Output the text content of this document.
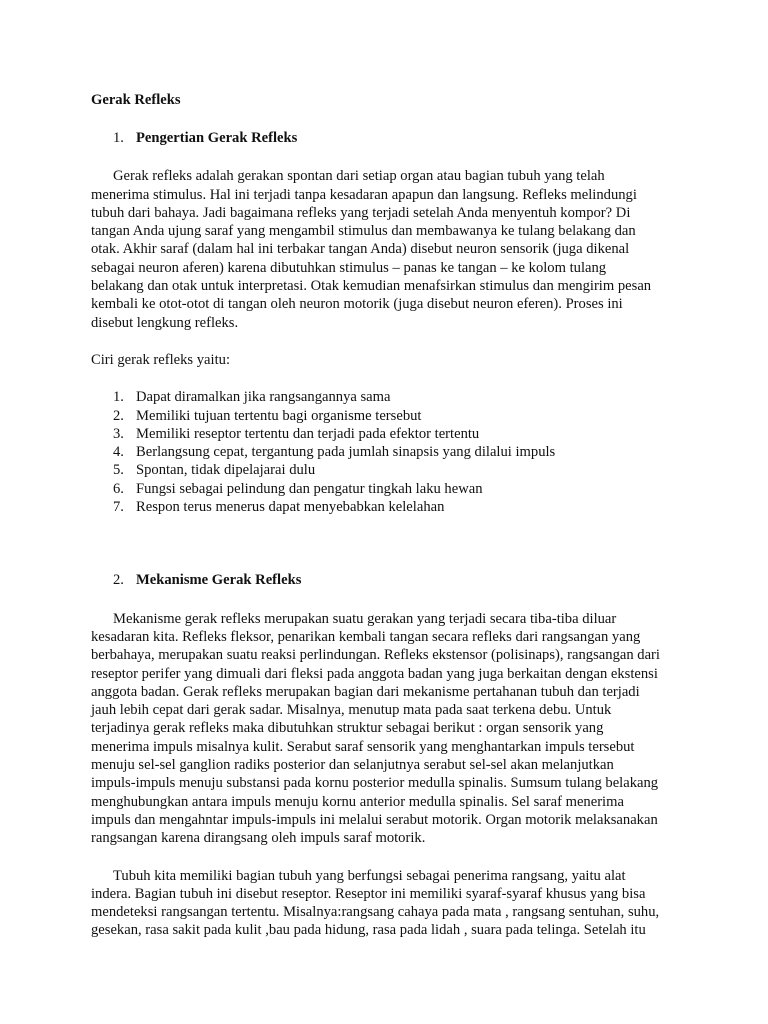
Gerak Refleks

1. Pengertian Gerak Refleks

Gerak refleks adalah gerakan spontan dari setiap organ atau bagian tubuh yang telah
menerima stimulus. Hal ini terjadi tanpa kesadaran apapun dan langsung. Refleks melindungi
tubuh dari bahaya. Jadi bagaimana refleks yang terjadi setelah Anda menyentuh kompor? Di
tangan Anda ujung saraf yang mengambil stimulus dan membawanya ke tulang belakang dan
otak. Akhir saraf (dalam hal ini terbakar tangan Anda) disebut neuron sensorik (juga dikenal
sebagai neuron aferen) karena dibutuhkan stimulus – panas ke tangan – ke kolom tulang
belakang dan otak untuk interpretasi. Otak kemudian menafsirkan stimulus dan mengirim pesan
kembali ke otot-otot di tangan oleh neuron motorik (juga disebut neuron eferen). Proses ini
disebut lengkung refleks.

Ciri gerak refleks yaitu:

1. Dapat diramalkan jika rangsangannya sama
2. Memiliki tujuan tertentu bagi organisme tersebut
3. Memiliki reseptor tertentu dan terjadi pada efektor tertentu
4. Berlangsung cepat, tergantung pada jumlah sinapsis yang dilalui impuls
5. Spontan, tidak dipelajarai dulu
6. Fungsi sebagai pelindung dan pengatur tingkah laku hewan
7. Respon terus menerus dapat menyebabkan kelelahan

2. Mekanisme Gerak Refleks

Mekanisme gerak refleks merupakan suatu gerakan yang terjadi secara tiba-tiba diluar
kesadaran kita. Refleks fleksor, penarikan kembali tangan secara refleks dari rangsangan yang
berbahaya, merupakan suatu reaksi perlindungan. Refleks ekstensor (polisinaps), rangsangan dari
reseptor perifer yang dimuali dari fleksi pada anggota badan yang juga berkaitan dengan ekstensi
anggota badan. Gerak refleks merupakan bagian dari mekanisme pertahanan tubuh dan terjadi
jauh lebih cepat dari gerak sadar. Misalnya, menutup mata pada saat terkena debu. Untuk
terjadinya gerak refleks maka dibutuhkan struktur sebagai berikut : organ sensorik yang
menerima impuls misalnya kulit. Serabut saraf sensorik yang menghantarkan impuls tersebut
menuju sel-sel ganglion radiks posterior dan selanjutnya serabut sel-sel akan melanjutkan
impuls-impuls menuju substansi pada kornu posterior medulla spinalis. Sumsum tulang belakang
menghubungkan antara impuls menuju kornu anterior medulla spinalis. Sel saraf menerima
impuls dan mengahntar impuls-impuls ini melalui serabut motorik. Organ motorik melaksanakan
rangsangan karena dirangsang oleh impuls saraf motorik.
Tubuh kita memiliki bagian tubuh yang berfungsi sebagai penerima rangsang, yaitu alat
indera. Bagian tubuh ini disebut reseptor. Reseptor ini memiliki syaraf-syaraf khusus yang bisa
mendeteksi rangsangan tertentu. Misalnya:rangsang cahaya pada mata , rangsang sentuhan, suhu,
gesekan, rasa sakit pada kulit ,bau pada hidung, rasa pada lidah , suara pada telinga. Setelah itu
